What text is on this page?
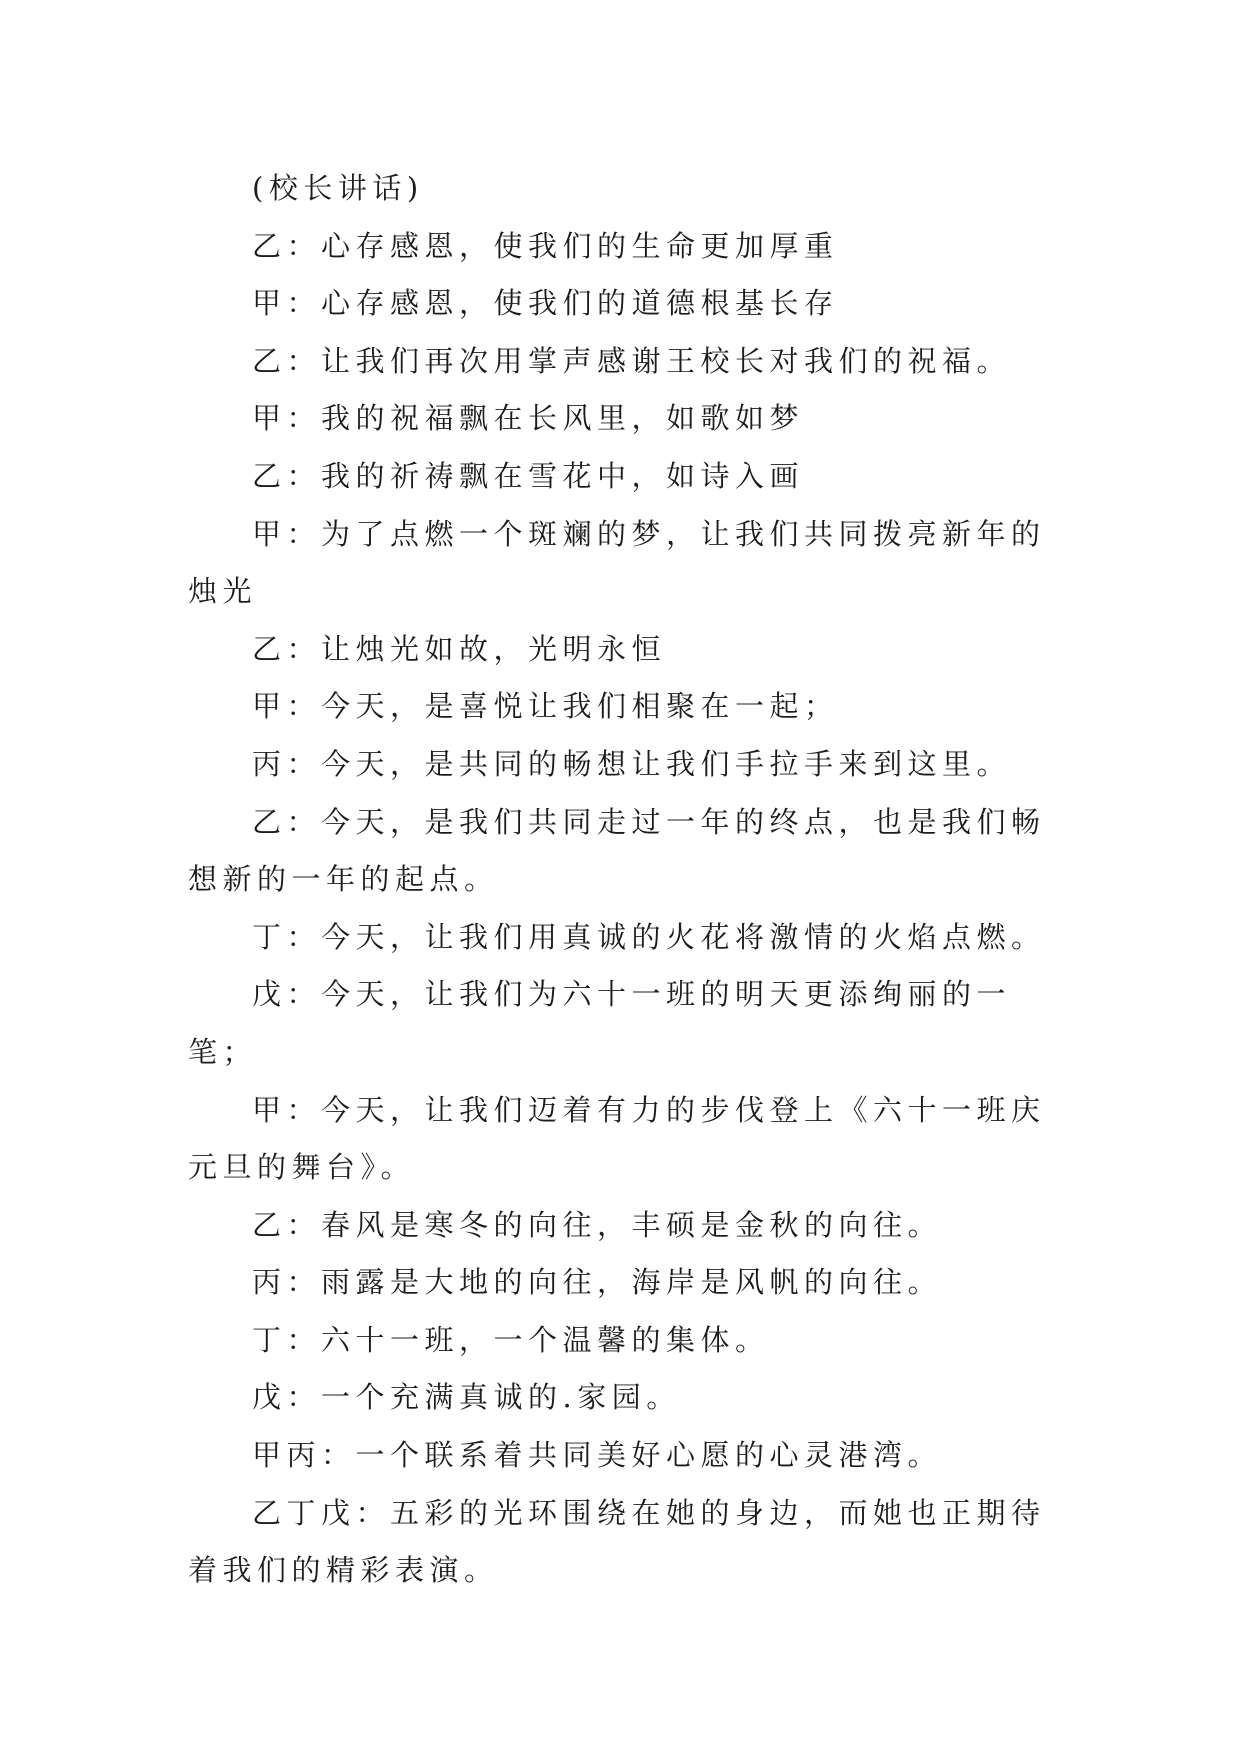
(校长讲话)

乙：心存感恩，使我们的生命更加厚重

甲：心存感恩，使我们的道德根基长存

乙：让我们再次用掌声感谢王校长对我们的祝福。

甲：我的祝福飘在长风里，如歌如梦

乙：我的祈祷飘在雪花中，如诗入画

甲：为了点燃一个斑斓的梦，让我们共同拨亮新年的烛光

乙：让烛光如故，光明永恒

甲：今天，是喜悦让我们相聚在一起；

丙：今天，是共同的畅想让我们手拉手来到这里。

乙：今天，是我们共同走过一年的终点，也是我们畅想新的一年的起点。

丁：今天，让我们用真诚的火花将激情的火焰点燃。

戊：今天，让我们为六十一班的明天更添绚丽的一笔；

甲：今天，让我们迈着有力的步伐登上《六十一班庆元旦的舞台》。

乙：春风是寒冬的向往，丰硕是金秋的向往。

丙：雨露是大地的向往，海岸是风帆的向往。

丁：六十一班，一个温馨的集体。

戊：一个充满真诚的.家园。

甲丙：一个联系着共同美好心愿的心灵港湾。

乙丁戊：五彩的光环围绕在她的身边，而她也正期待着我们的精彩表演。
